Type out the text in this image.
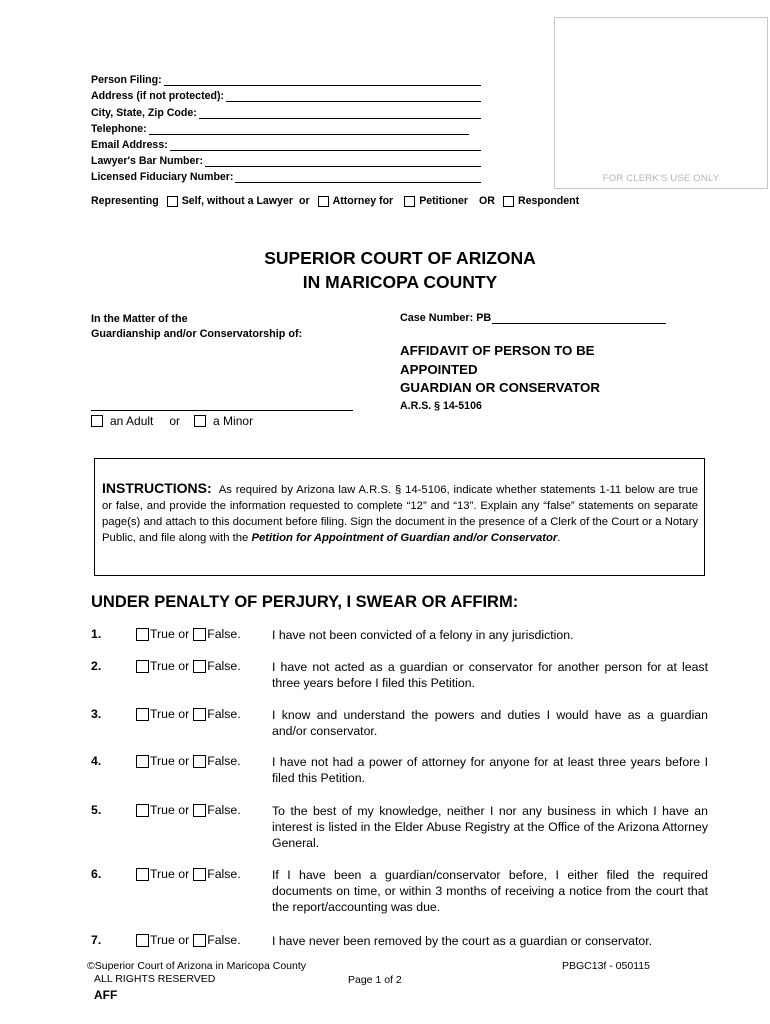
FOR CLERK'S USE ONLY
Person Filing:
Address (if not protected):
City, State, Zip Code:
Telephone:
Email Address:
Lawyer's Bar Number:
Licensed Fiduciary Number:
Representing Self, without a Lawyer or Attorney for Petitioner OR Respondent
SUPERIOR COURT OF ARIZONA
IN MARICOPA COUNTY
In the Matter of the
Guardianship and/or Conservatorship of:
an Adult or	a Minor
Case Number: PB
AFFIDAVIT OF PERSON TO BE
APPOINTED
GUARDIAN OR CONSERVATOR
A.R.S. § 14-5106
INSTRUCTIONS: As required by Arizona law A.R.S. § 14-5106, indicate whether statements 1-11 below are true or false, and provide the information requested to complete “12” and “13”. Explain any “false” statements on separate page(s) and attach to this document before filing. Sign the document in the presence of a Clerk of the Court or a Notary Public, and file along with the Petition for Appointment of Guardian and/or Conservator.
UNDER PENALTY OF PERJURY, I SWEAR OR AFFIRM:
1.	True or False.	I have not been convicted of a felony in any jurisdiction.
2.	True or False.	I have not acted as a guardian or conservator for another person for at least three years before I filed this Petition.
3.	True or False.	I know and understand the powers and duties I would have as a guardian and/or conservator.
4.	True or False.	I have not had a power of attorney for anyone for at least three years before I filed this Petition.
5.	True or False.	To the best of my knowledge, neither I nor any business in which I have an interest is listed in the Elder Abuse Registry at the Office of the Arizona Attorney General.
6.	True or False.	If I have been a guardian/conservator before, I either filed the required documents on time, or within 3 months of receiving a notice from the court that the report/accounting was due.
7.	True or False.	I have never been removed by the court as a guardian or conservator.
©Superior Court of Arizona in Maricopa County
ALL RIGHTS RESERVED
AFF
Page 1 of 2
PBGC13f - 050115
